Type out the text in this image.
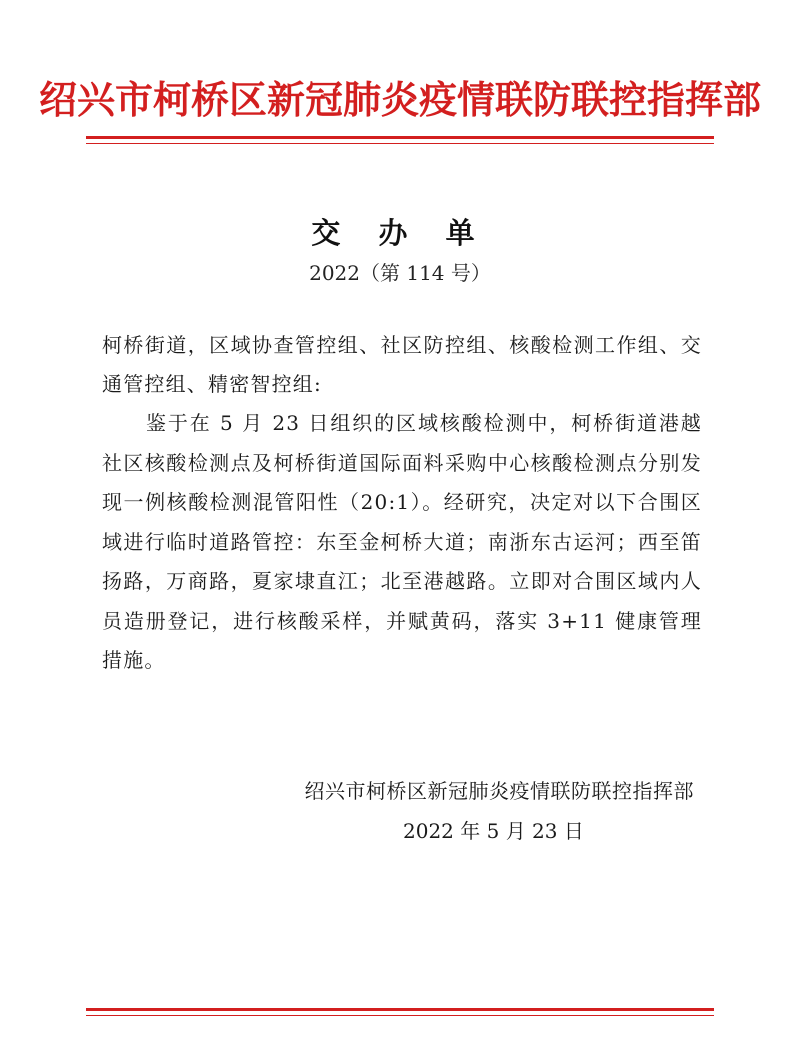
绍兴市柯桥区新冠肺炎疫情联防联控指挥部
交 办 单
2022（第 114 号）
柯桥街道，区域协查管控组、社区防控组、核酸检测工作组、交通管控组、精密智控组:
鉴于在 5 月 23 日组织的区域核酸检测中，柯桥街道港越社区核酸检测点及柯桥街道国际面料采购中心核酸检测点分别发现一例核酸检测混管阳性（20:1）。经研究，决定对以下合围区域进行临时道路管控：东至金柯桥大道；南浙东古运河；西至笛扬路，万商路，夏家埭直江；北至港越路。立即对合围区域内人员造册登记，进行核酸采样，并赋黄码，落实 3+11 健康管理措施。
绍兴市柯桥区新冠肺炎疫情联防联控指挥部
2022 年 5 月 23 日
